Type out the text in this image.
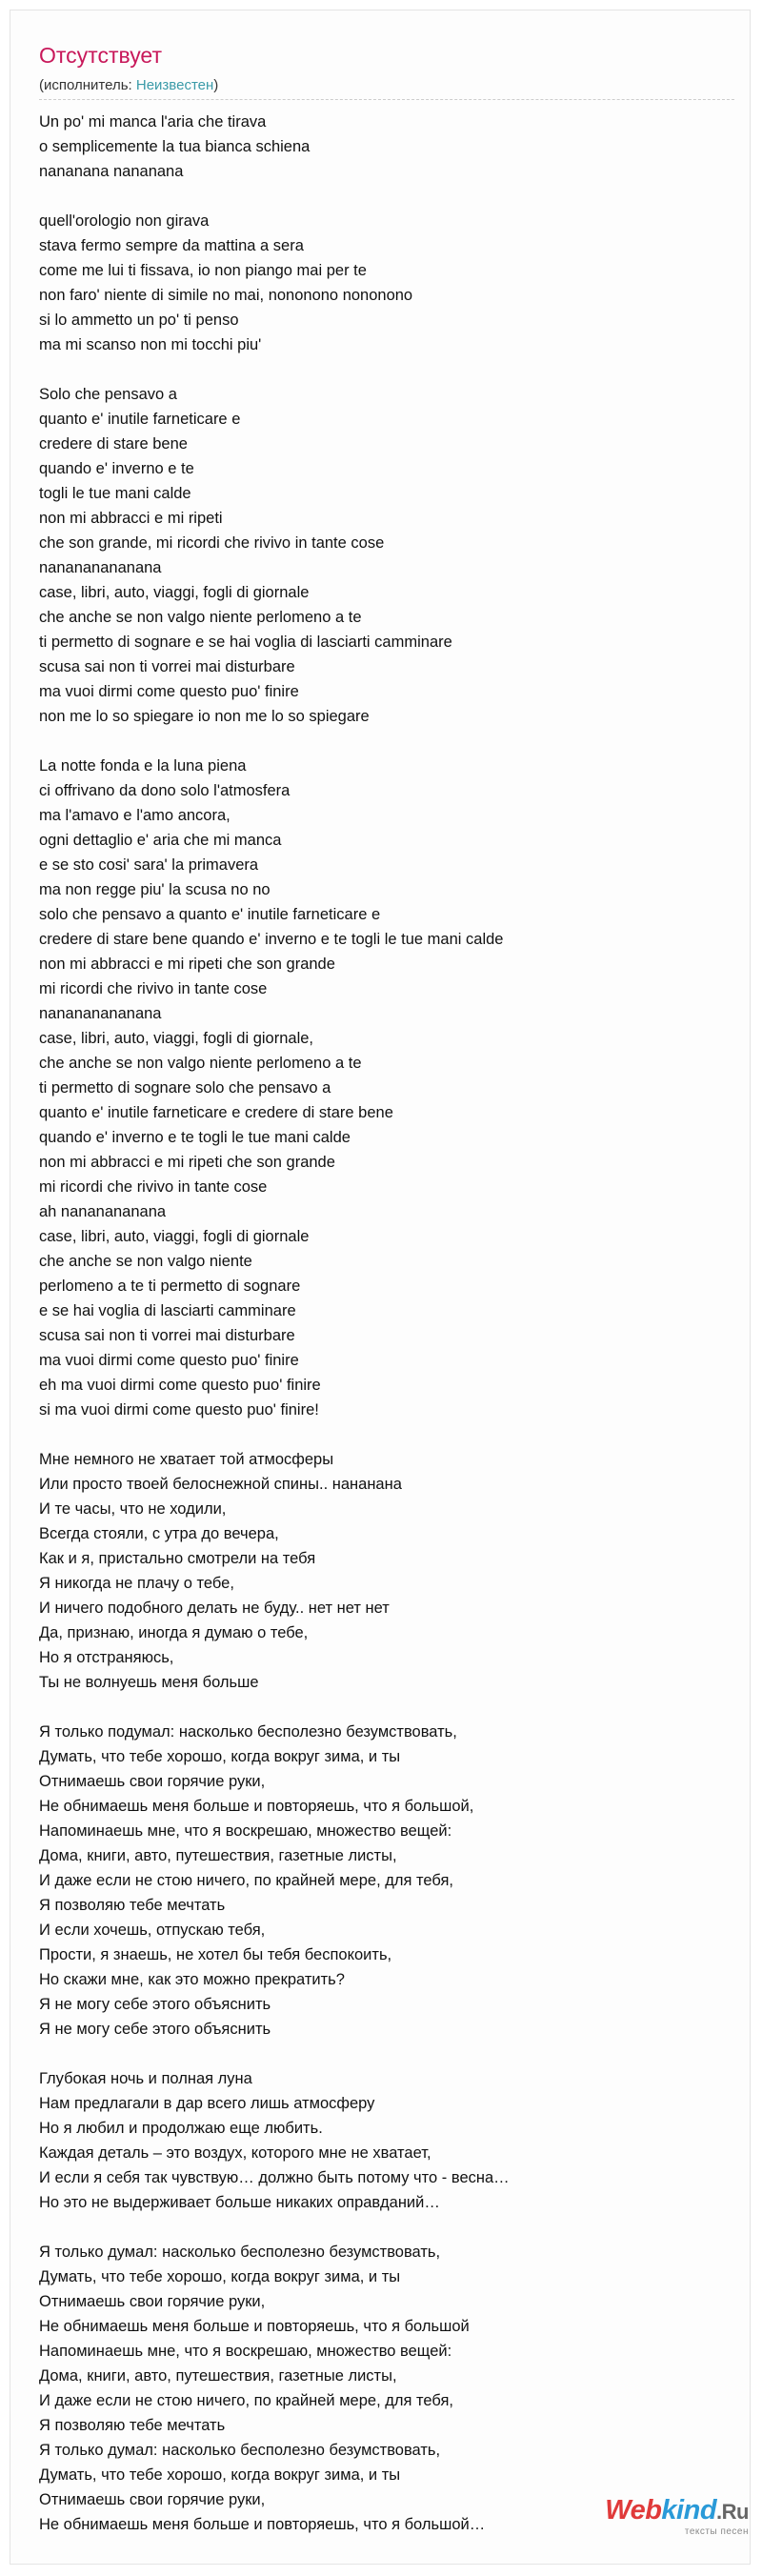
Отсутствует
(исполнитель: Неизвестен)
Un po' mi manca l'aria che tirava
o semplicemente la tua bianca schiena
nananana nananana
quell'orologio non girava
stava fermo sempre da mattina a sera
come me lui ti fissava, io non piango mai per te
non faro' niente di simile no mai, nononono nononono
si lo ammetto un po' ti penso
ma mi scanso non mi tocchi piu'
Solo che pensavo a
quanto e' inutile farneticare e
credere di stare bene
quando e' inverno e te
togli le tue mani calde
non mi abbracci e mi ripeti
che son grande, mi ricordi che rivivo in tante cose
nanananananana
case, libri, auto, viaggi, fogli di giornale
che anche se non valgo niente perlomeno a te
ti permetto di sognare e se hai voglia di lasciarti camminare
scusa sai non ti vorrei mai disturbare
ma vuoi dirmi come questo puo' finire
non me lo so spiegare io non me lo so spiegare
La notte fonda e la luna piena
ci offrivano da dono solo l'atmosfera
ma l'amavo e l'amo ancora,
ogni dettaglio e' aria che mi manca
e se sto cosi' sara' la primavera
ma non regge piu' la scusa no no
solo che pensavo a quanto e' inutile farneticare e
credere di stare bene quando e' inverno e te togli le tue mani calde
non mi abbracci e mi ripeti che son grande
mi ricordi che rivivo in tante cose
nanananananana
case, libri, auto, viaggi, fogli di giornale,
che anche se non valgo niente perlomeno a te
ti permetto di sognare solo che pensavo a
quanto e' inutile farneticare e credere di stare bene
quando e' inverno e te togli le tue mani calde
non mi abbracci e mi ripeti che son grande
mi ricordi che rivivo in tante cose
ah nananananana
case, libri, auto, viaggi, fogli di giornale
che anche se non valgo niente
perlomeno a te ti permetto di sognare
e se hai voglia di lasciarti camminare
scusa sai non ti vorrei mai disturbare
ma vuoi dirmi come questo puo' finire
eh ma vuoi dirmi come questo puo' finire
si ma vuoi dirmi come questo puo' finire!
Мне немного не хватает той атмосферы
Или просто твоей белоснежной спины.. нананана
И те часы, что не ходили,
Всегда стояли, с утра до вечера,
Как и я, пристально смотрели на тебя
Я никогда не плачу о тебе,
И ничего подобного делать не буду.. нет нет нет
Да, признаю, иногда я думаю о тебе,
Но я отстраняюсь,
Ты не волнуешь меня больше
Я только подумал: насколько бесполезно безумствовать,
Думать, что тебе хорошо, когда вокруг зима, и ты
Отнимаешь свои горячие руки,
Не обнимаешь меня больше и повторяешь, что я большой,
Напоминаешь мне, что я воскрешаю, множество вещей:
Дома, книги, авто, путешествия, газетные листы,
И даже если не стою ничего, по крайней мере, для тебя,
Я позволяю тебе мечтать
И если хочешь, отпускаю тебя,
Прости, я знаешь, не хотел бы тебя беспокоить,
Но скажи мне, как это можно прекратить?
Я не могу себе этого объяснить
Я не могу себе этого объяснить
Глубокая ночь и полная луна
Нам предлагали в дар всего лишь атмосферу
Но я любил и продолжаю еще любить.
Каждая деталь – это воздух, которого мне не хватает,
И если я себя так чувствую… должно быть потому что - весна…
Но это не выдерживает больше никаких оправданий…
Я только думал: насколько бесполезно безумствовать,
Думать, что тебе хорошо, когда вокруг зима, и ты
Отнимаешь свои горячие руки,
Не обнимаешь меня больше и повторяешь, что я большой
Напоминаешь мне, что я воскрешаю, множество вещей:
Дома, книги, авто, путешествия, газетные листы,
И даже если не стою ничего, по крайней мере, для тебя,
Я позволяю тебе мечтать
Я только думал: насколько бесполезно безумствовать,
Думать, что тебе хорошо, когда вокруг зима, и ты
Отнимаешь свои горячие руки,
Не обнимаешь меня больше и повторяешь, что я большой…	Webkind.Ru
тексты песен
